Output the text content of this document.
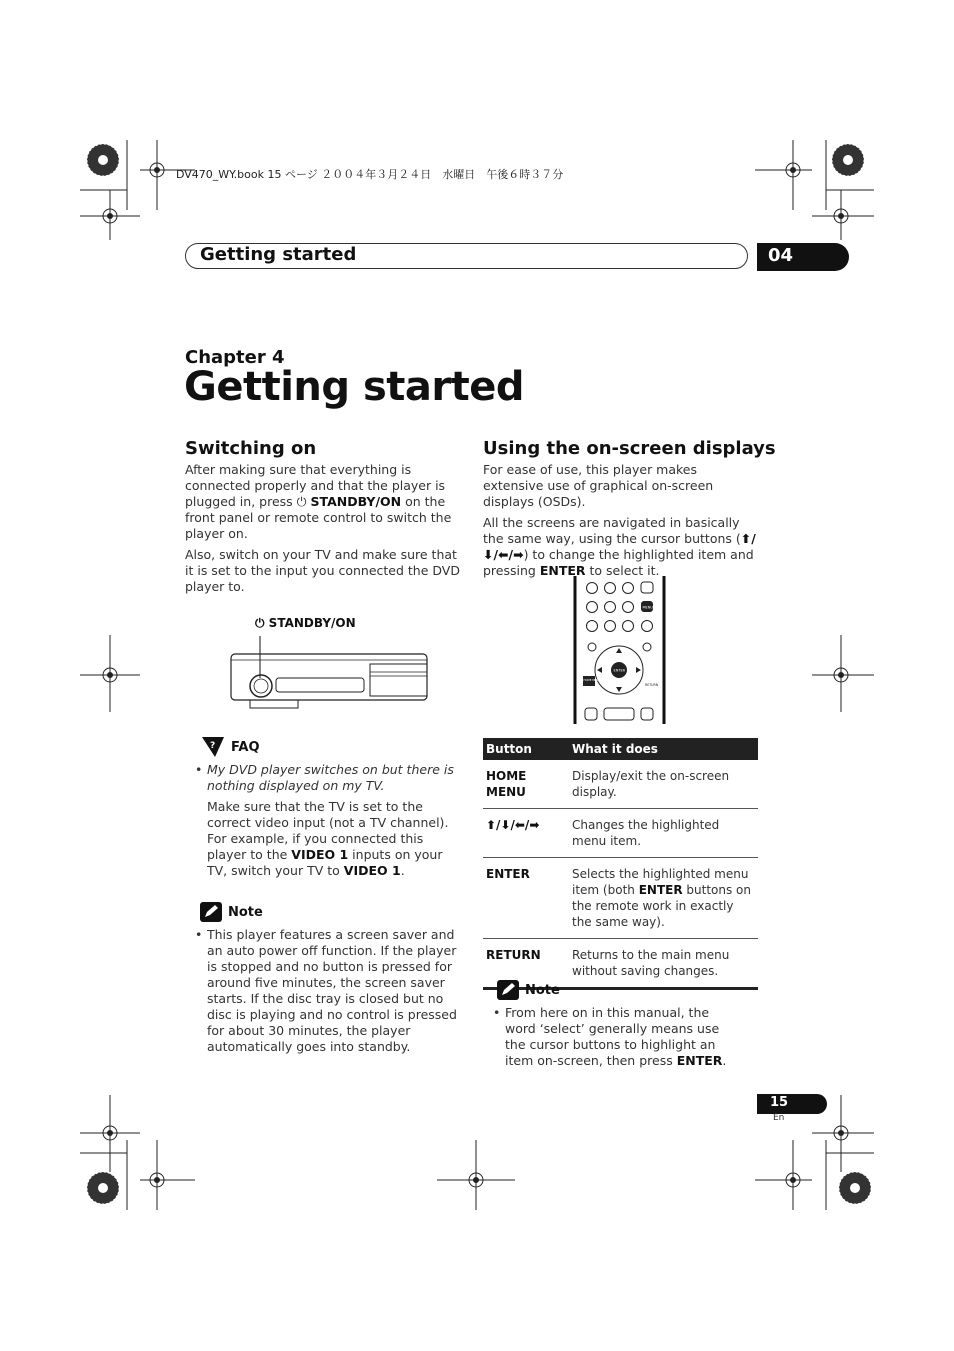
DV470_WY.book 15 ページ ２００４年３月２４日　水曜日　午後６時３７分
Getting started	04
Chapter 4
Getting started
Switching on

After making sure that everything is connected properly and that the player is plugged in, press ⏻ STANDBY/ON on the front panel or remote control to switch the player on.

Also, switch on your TV and make sure that it is set to the input you connected the DVD player to.

⏻ STANDBY/ON
? FAQ
• My DVD player switches on but there is nothing displayed on my TV.
Make sure that the TV is set to the correct video input (not a TV channel). For example, if you connected this player to the VIDEO 1 inputs on your TV, switch your TV to VIDEO 1.
Note
• This player features a screen saver and an auto power off function. If the player is stopped and no button is pressed for around five minutes, the screen saver starts. If the disc tray is closed but no disc is playing and no control is pressed for about 30 minutes, the player automatically goes into standby.
Using the on-screen displays

For ease of use, this player makes extensive use of graphical on-screen displays (OSDs).

All the screens are navigated in basically the same way, using the cursor buttons (⬆/⬇/⬅/➡) to change the highlighted item and pressing ENTER to select it.

MENU
ENTER
HOME MENU
RETURN
Button	What it does
HOME MENU	Display/exit the on-screen display.
⬆/⬇/⬅/➡	Changes the highlighted menu item.
ENTER	Selects the highlighted menu item (both ENTER buttons on the remote work in exactly the same way).
RETURN	Returns to the main menu without saving changes.
Note
• From here on in this manual, the word ‘select’ generally means use the cursor buttons to highlight an item on-screen, then press ENTER.
15
En
